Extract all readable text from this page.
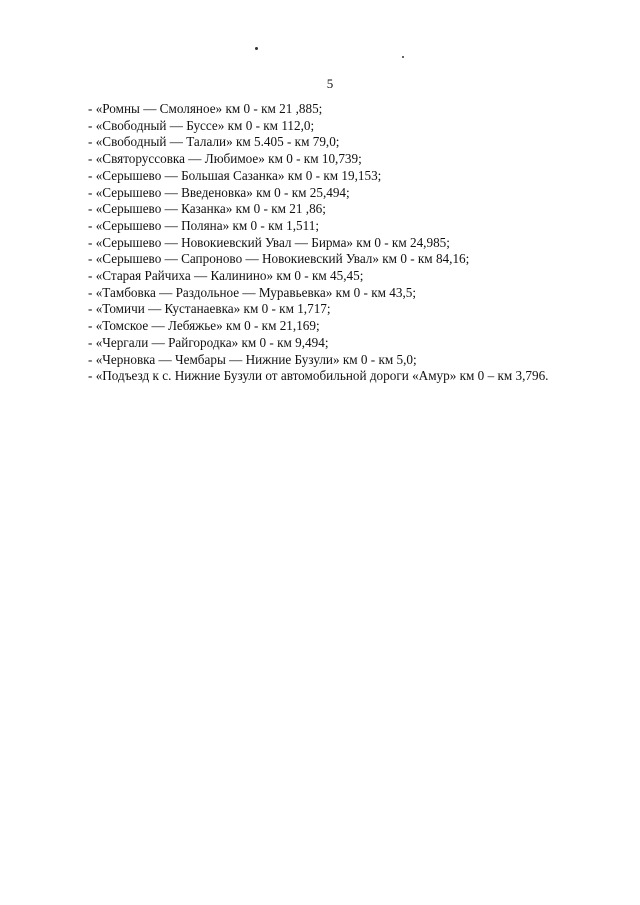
5
- «Ромны — Смоляное» км 0 - км 21 ,885;
- «Свободный — Буссе» км 0 - км 112,0;
- «Свободный — Талали» км 5.405 - км 79,0;
- «Святоруссовка — Любимое» км 0 - км 10,739;
- «Серышево — Большая Сазанка» км 0 - км 19,153;
- «Серышево — Введеновка» км 0 - км 25,494;
- «Серышево — Казанка» км 0 - км 21 ,86;
- «Серышево — Поляна» км 0 - км 1,511;
- «Серышево — Новокиевский Увал — Бирма» км 0 - км 24,985;
- «Серышево — Сапроново — Новокиевский Увал» км 0 - км 84,16;
- «Старая Райчиха — Калинино» км 0 - км 45,45;
- «Тамбовка — Раздольное — Муравьевка» км 0 - км 43,5;
- «Томичи — Кустанаевка» км 0 - км 1,717;
- «Томское — Лебяжье» км 0 - км 21,169;
- «Чергали — Райгородка» км 0 - км 9,494;
- «Черновка — Чембары — Нижние Бузули» км 0 - км 5,0;
- «Подъезд к с. Нижние Бузули от автомобильной дороги «Амур» км 0 – км 3,796.
